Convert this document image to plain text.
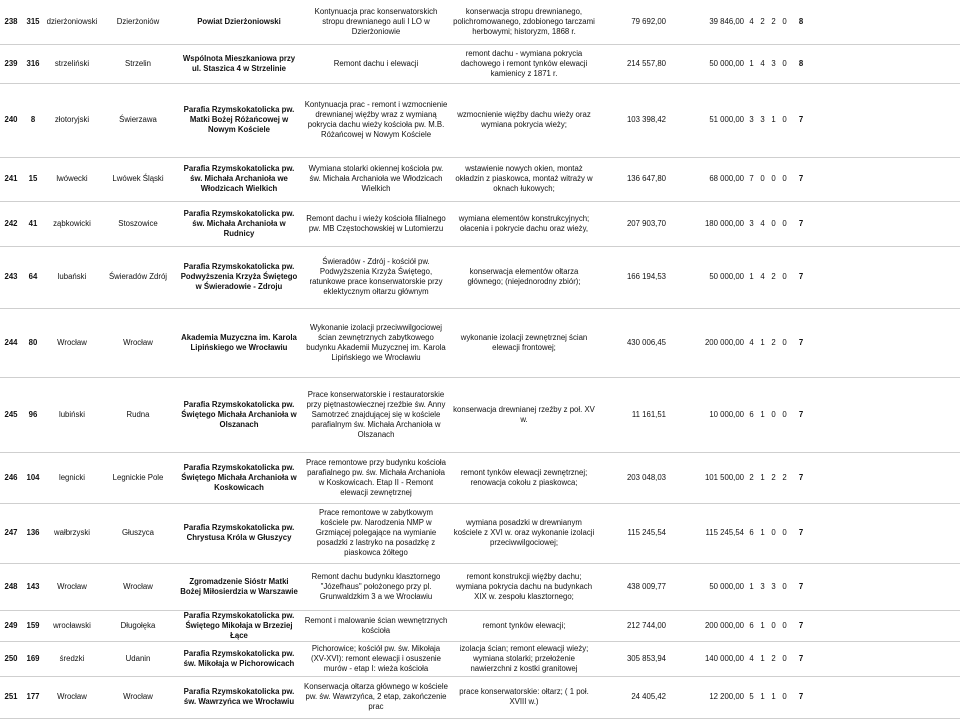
238	315	dzierżoniowski	Dzierżoniów	Powiat Dzierżoniowski	Kontynuacja prac konserwatorskich stropu drewnianego auli I LO w Dzierżoniowie	konserwacja stropu drewnianego, polichromowanego, zdobionego tarczami herbowymi; historyzm, 1868 r.	79 692,00	39 846,00	4	2	2	0	8	
239	316	strzeliński	Strzelin	Wspólnota Mieszkaniowa przy ul. Staszica 4 w Strzelinie	Remont dachu i elewacji	remont dachu - wymiana pokrycia dachowego i remont tynków elewacji kamienicy z 1871 r.	214 557,80	50 000,00	1	4	3	0	8	
240	8	złotoryjski	Świerzawa	Parafia Rzymskokatolicka pw. Matki Bożej Różańcowej w Nowym Kościele	Kontynuacja prac - remont i wzmocnienie drewnianej więźby wraz z wymianą pokrycia dachu wieży kościoła pw. M.B. Różańcowej w Nowym Kościele	wzmocnienie więźby dachu wieży oraz wymiana pokrycia wieży;	103 398,42	51 000,00	3	3	1	0	7	
241	15	lwówecki	Lwówek Śląski	Parafia Rzymskokatolicka pw. św. Michała Archanioła we Włodzicach Wielkich	Wymiana stolarki okiennej kościoła pw. św. Michała Archanioła we Włodzicach Wielkich	wstawienie nowych okien, montaż okładzin z piaskowca, montaż witraży w oknach łukowych;	136 647,80	68 000,00	7	0	0	0	7	
242	41	ząbkowicki	Stoszowice	Parafia Rzymskokatolicka pw. św. Michała Archanioła w Rudnicy	Remont dachu i wieży kościoła filialnego pw. MB Częstochowskiej w Lutomierzu	wymiana elementów konstrukcyjnych; ołacenia i pokrycie dachu oraz wieży,	207 903,70	180 000,00	3	4	0	0	7	
243	64	lubański	Świeradów Zdrój	Parafia Rzymskokatolicka pw. Podwyższenia Krzyża Świętego w Świeradowie - Zdroju	Świeradów - Zdrój - kościół pw. Podwyższenia Krzyża Świętego, ratunkowe prace konserwatorskie przy eklektycznym ołtarzu głównym	konserwacja elementów ołtarza głównego; (niejednorodny zbiór);	166 194,53	50 000,00	1	4	2	0	7	
244	80	Wrocław	Wrocław	Akademia Muzyczna im. Karola Lipińskiego we Wrocławiu	Wykonanie izolacji przeciwwilgociowej ścian zewnętrznych zabytkowego budynku Akademii Muzycznej im. Karola Lipińskiego we Wrocławiu	wykonanie izolacji zewnętrznej ścian elewacji frontowej;	430 006,45	200 000,00	4	1	2	0	7	
245	96	lubiński	Rudna	Parafia Rzymskokatolicka pw. Świętego Michała Archanioła w Olszanach	Prace konserwatorskie i restauratorskie przy piętnastowiecznej rzeźbie św. Anny Samotrzeć znajdującej się w kościele parafialnym św. Michała Archanioła w Olszanach	konserwacja drewnianej rzeźby z poł. XV w.	11 161,51	10 000,00	6	1	0	0	7	
246	104	legnicki	Legnickie Pole	Parafia Rzymskokatolicka pw. Świętego Michała Archanioła w Koskowicach	Prace remontowe przy budynku kościoła parafialnego pw. św. Michała Archanioła w Koskowicach. Etap II - Remont elewacji zewnętrznej	remont tynków elewacji zewnętrznej; renowacja cokołu z piaskowca;	203 048,03	101 500,00	2	1	2	2	7	
247	136	wałbrzyski	Głuszyca	Parafia Rzymskokatolicka pw. Chrystusa Króla w Głuszycy	Prace remontowe w zabytkowym kościele pw. Narodzenia NMP w Grzmiącej polegające na wymianie posadzki z lastryko na posadzkę z piaskowca żółtego	wymiana posadzki w drewnianym kościele z XVI w. oraz wykonanie izolacji przeciwwilgociowej;	115 245,54	115 245,54	6	1	0	0	7	
248	143	Wrocław	Wrocław	Zgromadzenie Sióstr Matki Bożej Miłosierdzia w Warszawie	Remont dachu budynku klasztornego "Józefhaus" położonego przy pl. Grunwaldzkim 3 a we Wrocławiu	remont konstrukcji więźby dachu; wymiana pokrycia dachu na budynkach XIX w. zespołu klasztornego;	438 009,77	50 000,00	1	3	3	0	7	
249	159	wrocławski	Długołęka	Parafia Rzymskokatolicka pw. Świętego Mikołaja w Brzeziej Łące	Remont i malowanie ścian wewnętrznych kościoła	remont tynków elewacji;	212 744,00	200 000,00	6	1	0	0	7	
250	169	średzki	Udanin	Parafia Rzymskokatolicka pw. św. Mikołaja w Pichorowicach	Pichorowice; kościół pw. św. Mikołaja (XV-XVI): remont elewacji i osuszenie murów - etap I: wieża kościoła	izolacja ścian; remont elewacji wieży; wymiana stolarki; przełożenie nawierzchni z kostki granitowej	305 853,94	140 000,00	4	1	2	0	7	
251	177	Wrocław	Wrocław	Parafia Rzymskokatolicka pw. św. Wawrzyńca we Wrocławiu	Konserwacja ołtarza głównego w kościele pw. św. Wawrzyńca, 2 etap, zakończenie prac	prace konserwatorskie: ołtarz; ( 1 poł. XVIII w.)	24 405,42	12 200,00	5	1	1	0	7	
